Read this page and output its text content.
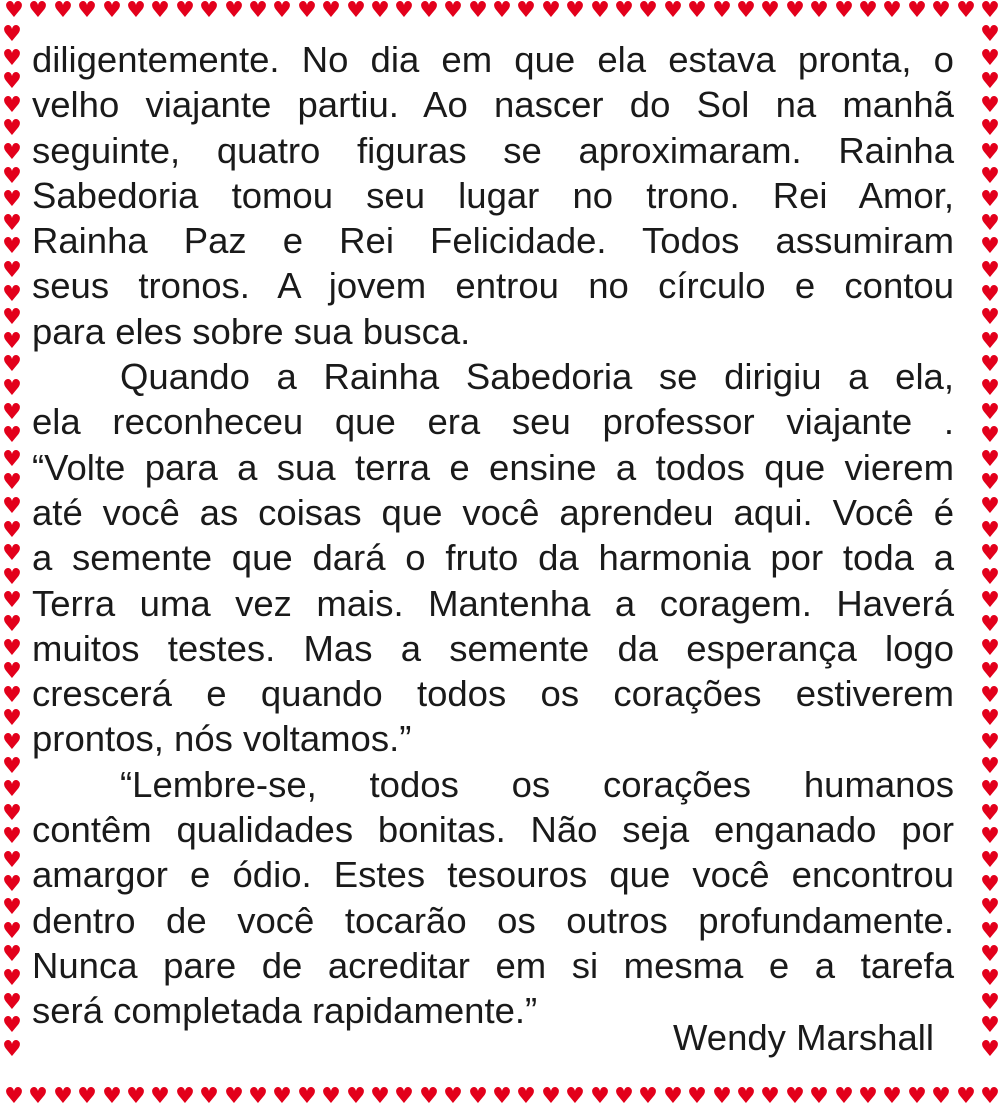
♥
♥
♥
♥
♥
♥
♥
♥
♥
♥
♥
♥
♥
♥
♥
♥
♥
♥
♥
♥
♥
♥
♥
♥
♥
♥
♥
♥
♥
♥
♥
♥
♥
♥
♥
♥
♥
♥
♥
♥
♥
♥
♥
♥
♥
♥
♥
♥
♥
♥
♥
♥
♥
♥
♥
♥
♥
♥
♥
♥
♥
♥
♥
♥
♥
♥
♥
♥
♥
♥
♥
♥
♥
♥
♥
♥
♥
♥
♥
♥
♥
♥
♥	♥
♥	♥
♥	♥
♥	♥
♥	♥
♥	♥
♥	♥
♥	♥
♥	♥
♥	♥
♥	♥
♥	♥
♥	♥
♥	♥
♥	♥
♥	♥
♥	♥
♥	♥
♥	♥
♥	♥
♥	♥
♥	♥
♥	♥
♥	♥
♥	♥
♥	♥
♥	♥
♥	♥
♥	♥
♥	♥
♥	♥
♥	♥
♥	♥
♥	♥
♥	♥
♥	♥
♥	♥
♥	♥
♥	♥
♥	♥
♥	♥
♥	♥
♥	♥
♥	♥
diligentemente. No dia em que ela estava pronta, o
velho viajante partiu. Ao nascer do Sol na manhã
seguinte, quatro figuras se aproximaram. Rainha
Sabedoria tomou seu lugar no trono. Rei Amor,
Rainha Paz e Rei Felicidade. Todos assumiram
seus tronos. A jovem entrou no círculo e contou
para eles sobre sua busca.
Quando a Rainha Sabedoria se dirigiu a ela,
ela reconheceu que era seu professor viajante .
“Volte para a sua terra e ensine a todos que vierem
até você as coisas que você aprendeu aqui. Você é
a semente que dará o fruto da harmonia por toda a
Terra uma vez mais. Mantenha a coragem. Haverá
muitos testes. Mas a semente da esperança logo
crescerá e quando todos os corações estiverem
prontos, nós voltamos.”
“Lembre-se, todos os corações humanos
contêm qualidades bonitas. Não seja enganado por
amargor e ódio. Estes tesouros que você encontrou
dentro de você tocarão os outros profundamente.
Nunca pare de acreditar em si mesma e a tarefa
será completada rapidamente.”
Wendy Marshall
